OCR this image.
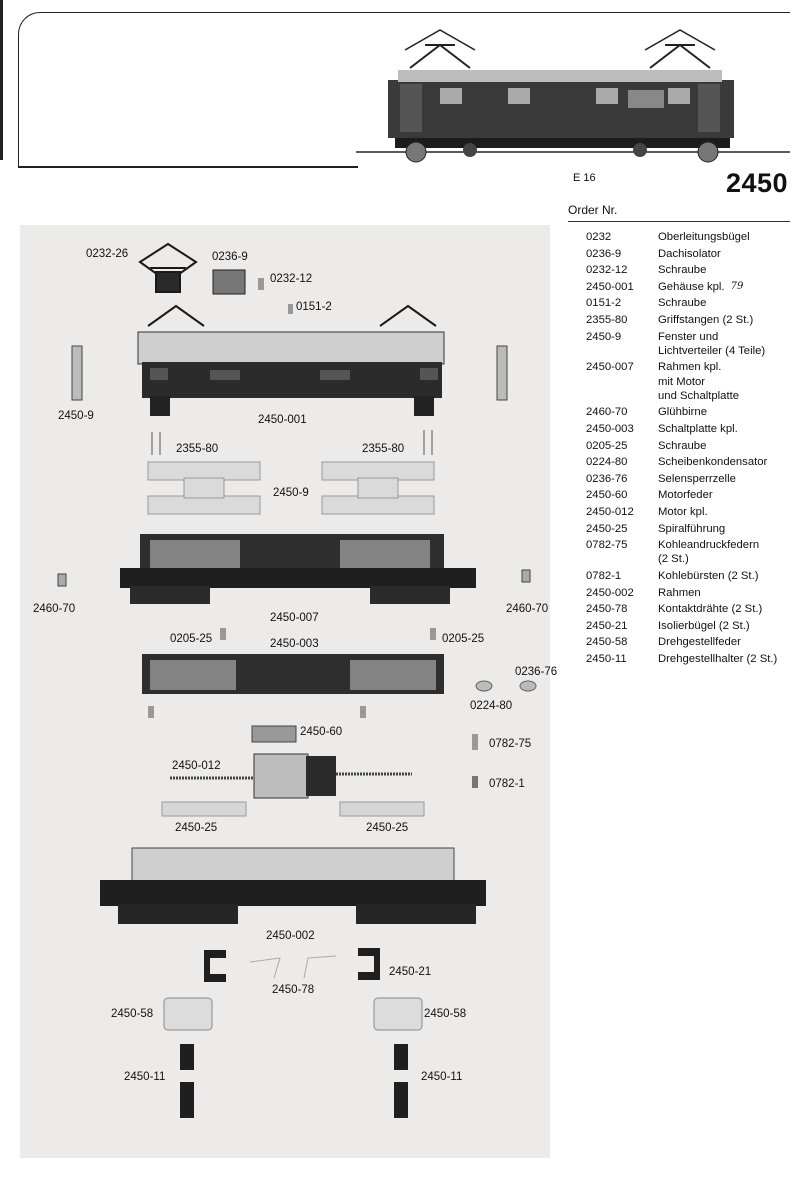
E 16	2450
Order Nr.
0232	Oberleitungsbügel
0236-9	Dachisolator
0232-12	Schraube
2450-001	Gehäuse kpl. 79
0151-2	Schraube
2355-80	Griffstangen (2 St.)
2450-9	Fenster und
Lichtverteiler (4 Teile)
2450-007	Rahmen kpl.
mit Motor
und Schaltplatte
2460-70	Glühbirne
2450-003	Schaltplatte kpl.
0205-25	Schraube
0224-80	Scheibenkondensator
0236-76	Selensperrzelle
2450-60	Motorfeder
2450-012	Motor kpl.
2450-25	Spiralführung
0782-75	Kohleandruckfedern
(2 St.)
0782-1	Kohlebürsten (2 St.)
2450-002	Rahmen
2450-78	Kontaktdrähte (2 St.)
2450-21	Isolierbügel (2 St.)
2450-58	Drehgestellfeder
2450-11	Drehgestellhalter (2 St.)
0232-26	0236-9
0232-12
0151-2
2450-9	2450-001
2355-80	2355-80
2450-9
2460-70
2450-007
2460-70
0205-25	2450-003	0205-25
0236-76
0224-80
2450-60
0782-75
2450-012
0782-1
2450-25	2450-25
2450-002
2450-21
2450-78
2450-58	2450-58
2450-11	2450-11
